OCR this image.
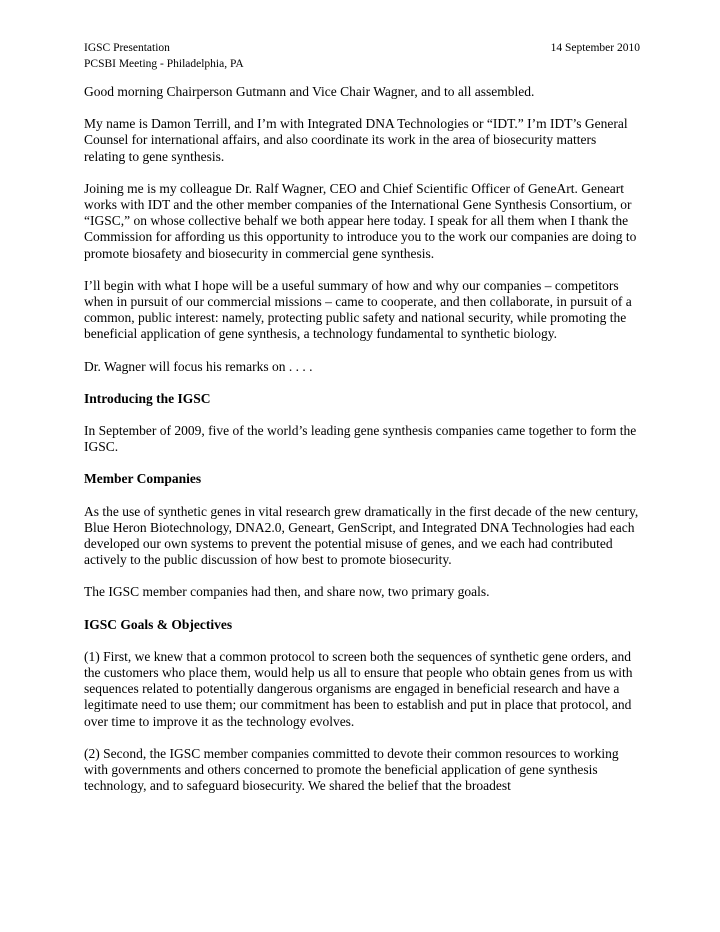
IGSC Presentation
PCSBI Meeting - Philadelphia, PA
14 September 2010

Good morning Chairperson Gutmann and Vice Chair Wagner, and to all assembled.

My name is Damon Terrill, and I’m with Integrated DNA Technologies or “IDT.” I’m IDT’s General Counsel for international affairs, and also coordinate its work in the area of biosecurity matters relating to gene synthesis.

Joining me is my colleague Dr. Ralf Wagner, CEO and Chief Scientific Officer of GeneArt. Geneart works with IDT and the other member companies of the International Gene Synthesis Consortium, or “IGSC,” on whose collective behalf we both appear here today. I speak for all them when I thank the Commission for affording us this opportunity to introduce you to the work our companies are doing to promote biosafety and biosecurity in commercial gene synthesis.

I’ll begin with what I hope will be a useful summary of how and why our companies – competitors when in pursuit of our commercial missions – came to cooperate, and then collaborate, in pursuit of a common, public interest: namely, protecting public safety and national security, while promoting the beneficial application of gene synthesis, a technology fundamental to synthetic biology.

Dr. Wagner will focus his remarks on . . . .

Introducing the IGSC

In September of 2009, five of the world’s leading gene synthesis companies came together to form the IGSC.

Member Companies

As the use of synthetic genes in vital research grew dramatically in the first decade of the new century, Blue Heron Biotechnology, DNA2.0, Geneart, GenScript, and Integrated DNA Technologies had each developed our own systems to prevent the potential misuse of genes, and we each had contributed actively to the public discussion of how best to promote biosecurity.

The IGSC member companies had then, and share now, two primary goals.

IGSC Goals & Objectives

(1) First, we knew that a common protocol to screen both the sequences of synthetic gene orders, and the customers who place them, would help us all to ensure that people who obtain genes from us with sequences related to potentially dangerous organisms are engaged in beneficial research and have a legitimate need to use them; our commitment has been to establish and put in place that protocol, and over time to improve it as the technology evolves.

(2) Second, the IGSC member companies committed to devote their common resources to working with governments and others concerned to promote the beneficial application of gene synthesis technology, and to safeguard biosecurity. We shared the belief that the broadest
